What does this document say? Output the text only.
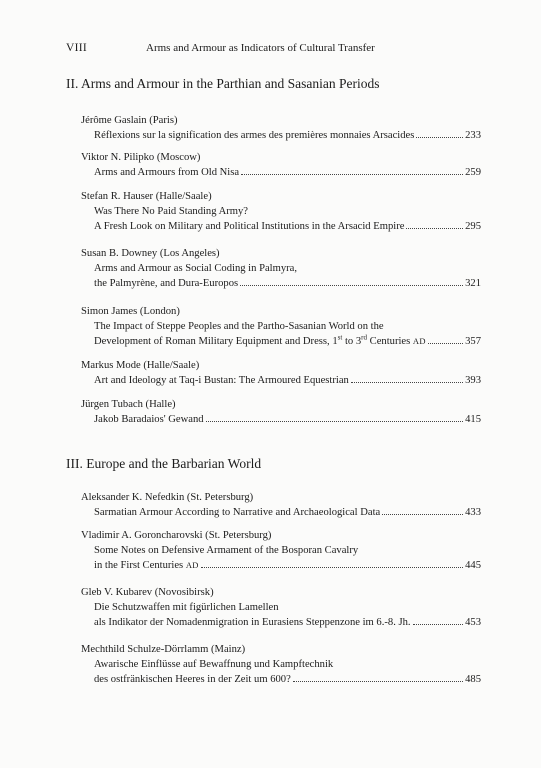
VIII	Arms and Armour as Indicators of Cultural Transfer
II. Arms and Armour in the Parthian and Sasanian Periods
Jérôme Gaslain (Paris)
Réflexions sur la signification des armes des premières monnaies Arsacides	233
Viktor N. Pilipko (Moscow)
Arms and Armours from Old Nisa	259
Stefan R. Hauser (Halle/Saale)
Was There No Paid Standing Army?
A Fresh Look on Military and Political Institutions in the Arsacid Empire	295
Susan B. Downey (Los Angeles)
Arms and Armour as Social Coding in Palmyra,
the Palmyrène, and Dura-Europos	321
Simon James (London)
The Impact of Steppe Peoples and the Partho-Sasanian World on the
Development of Roman Military Equipment and Dress, 1st to 3rd Centuries AD	357
Markus Mode (Halle/Saale)
Art and Ideology at Taq-i Bustan: The Armoured Equestrian	393
Jürgen Tubach (Halle)
Jakob Baradaios' Gewand	415
III. Europe and the Barbarian World
Aleksander K. Nefedkin (St. Petersburg)
Sarmatian Armour According to Narrative and Archaeological Data	433
Vladimir A. Goroncharovski (St. Petersburg)
Some Notes on Defensive Armament of the Bosporan Cavalry
in the First Centuries AD	445
Gleb V. Kubarev (Novosibirsk)
Die Schutzwaffen mit figürlichen Lamellen
als Indikator der Nomadenmigration in Eurasiens Steppenzone im 6.-8. Jh.	453
Mechthild Schulze-Dörrlamm (Mainz)
Awarische Einflüsse auf Bewaffnung und Kampftechnik
des ostfränkischen Heeres in der Zeit um 600?	485
